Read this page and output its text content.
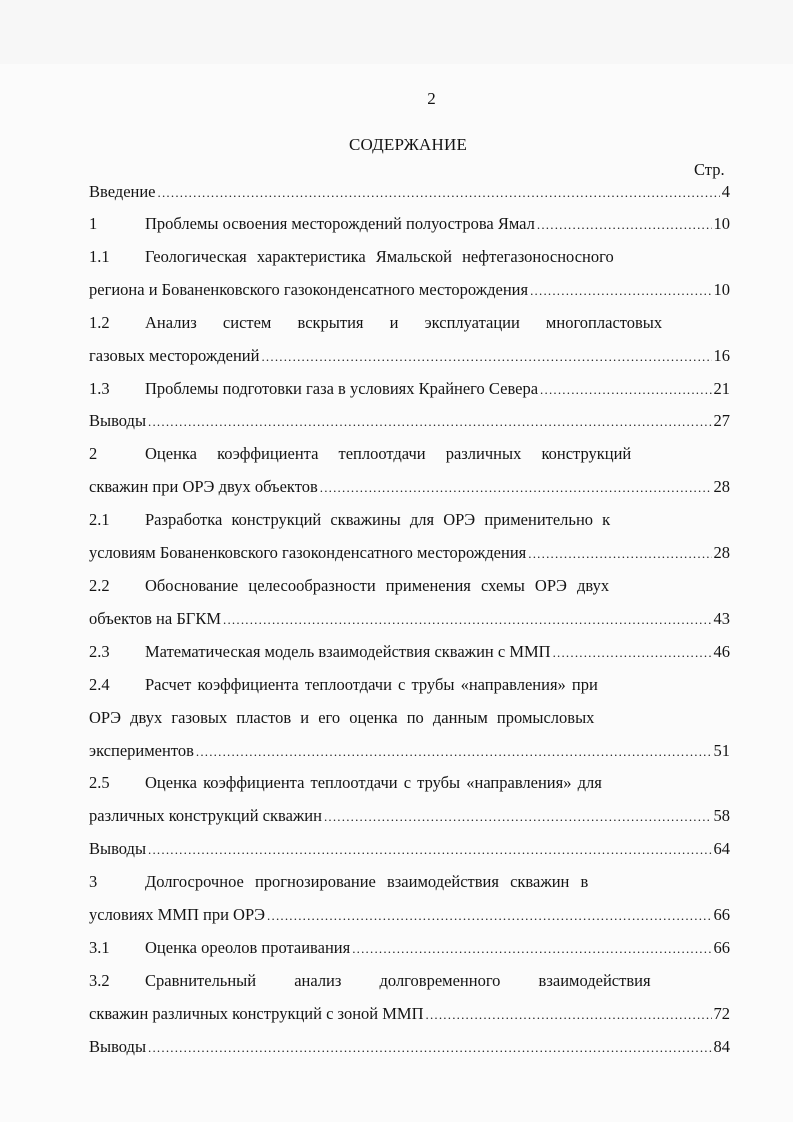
2
СОДЕРЖАНИЕ
Стр.
Введение .....	4
1	Проблемы освоения месторождений полуострова Ямал .....	10
1.1 Геологическая характеристика Ямальской нефтегазоносносного
региона и Бованенковского газоконденсатного месторождения .....	10
1.2 Анализ систем вскрытия и эксплуатации многопластовых
газовых месторождений .....	16
1.3 Проблемы подготовки газа в условиях Крайнего Севера .....	21
Выводы .....	27
2	Оценка коэффициента теплоотдачи различных конструкций
скважин при ОРЭ двух объектов .....	28
2.1 Разработка конструкций скважины для ОРЭ применительно к
условиям Бованенковского газоконденсатного месторождения .....	28
2.2 Обоснование целесообразности применения схемы ОРЭ двух
объектов на БГКМ .....	43
2.3 Математическая модель взаимодействия скважин с ММП .....	46
2.4 Расчет коэффициента теплоотдачи с трубы «направления» при
ОРЭ двух газовых пластов и его оценка по данным промысловых
экспериментов .....	51
2.5 Оценка коэффициента теплоотдачи с трубы «направления» для
различных конструкций скважин .....	58
Выводы .....	64
3	Долгосрочное прогнозирование взаимодействия скважин в
условиях ММП при ОРЭ .....	66
3.1 Оценка ореолов протаивания .....	66
3.2 Сравнительный анализ долговременного взаимодействия
скважин различных конструкций с зоной ММП .....	72
Выводы .....	84
